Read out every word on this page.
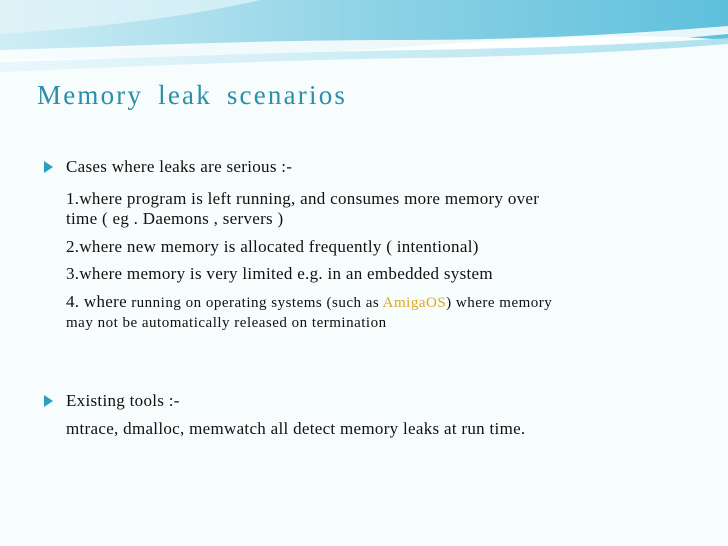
Memory leak scenarios
Cases where leaks are serious :-
1.where program is left running, and consumes more memory over
time ( eg . Daemons , servers )
2.where new memory is allocated frequently ( intentional)
3.where memory is very limited e.g. in an embedded system
4. where running on operating systems (such as AmigaOS) where memory
may not be automatically released on termination
Existing tools :-
mtrace, dmalloc, memwatch all detect memory leaks at run time.
